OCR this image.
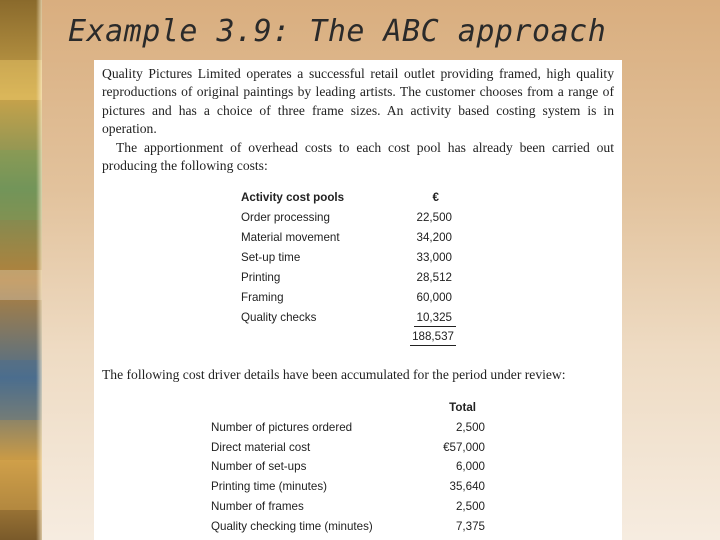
Example 3.9: The ABC approach
Quality Pictures Limited operates a successful retail outlet providing framed, high quality reproductions of original paintings by leading artists. The customer chooses from a range of pictures and has a choice of three frame sizes. An activity based costing system is in operation.
The apportionment of overhead costs to each cost pool has already been carried out producing the following costs:
Activity cost pools	€
Order processing	22,500
Material movement	34,200
Set-up time	33,000
Printing	28,512
Framing	60,000
Quality checks	10,325
188,537
The following cost driver details have been accumulated for the period under review:
Total
Number of pictures ordered	2,500
Direct material cost	€57,000
Number of set-ups	6,000
Printing time (minutes)	35,640
Number of frames	2,500
Quality checking time (minutes)	7,375
